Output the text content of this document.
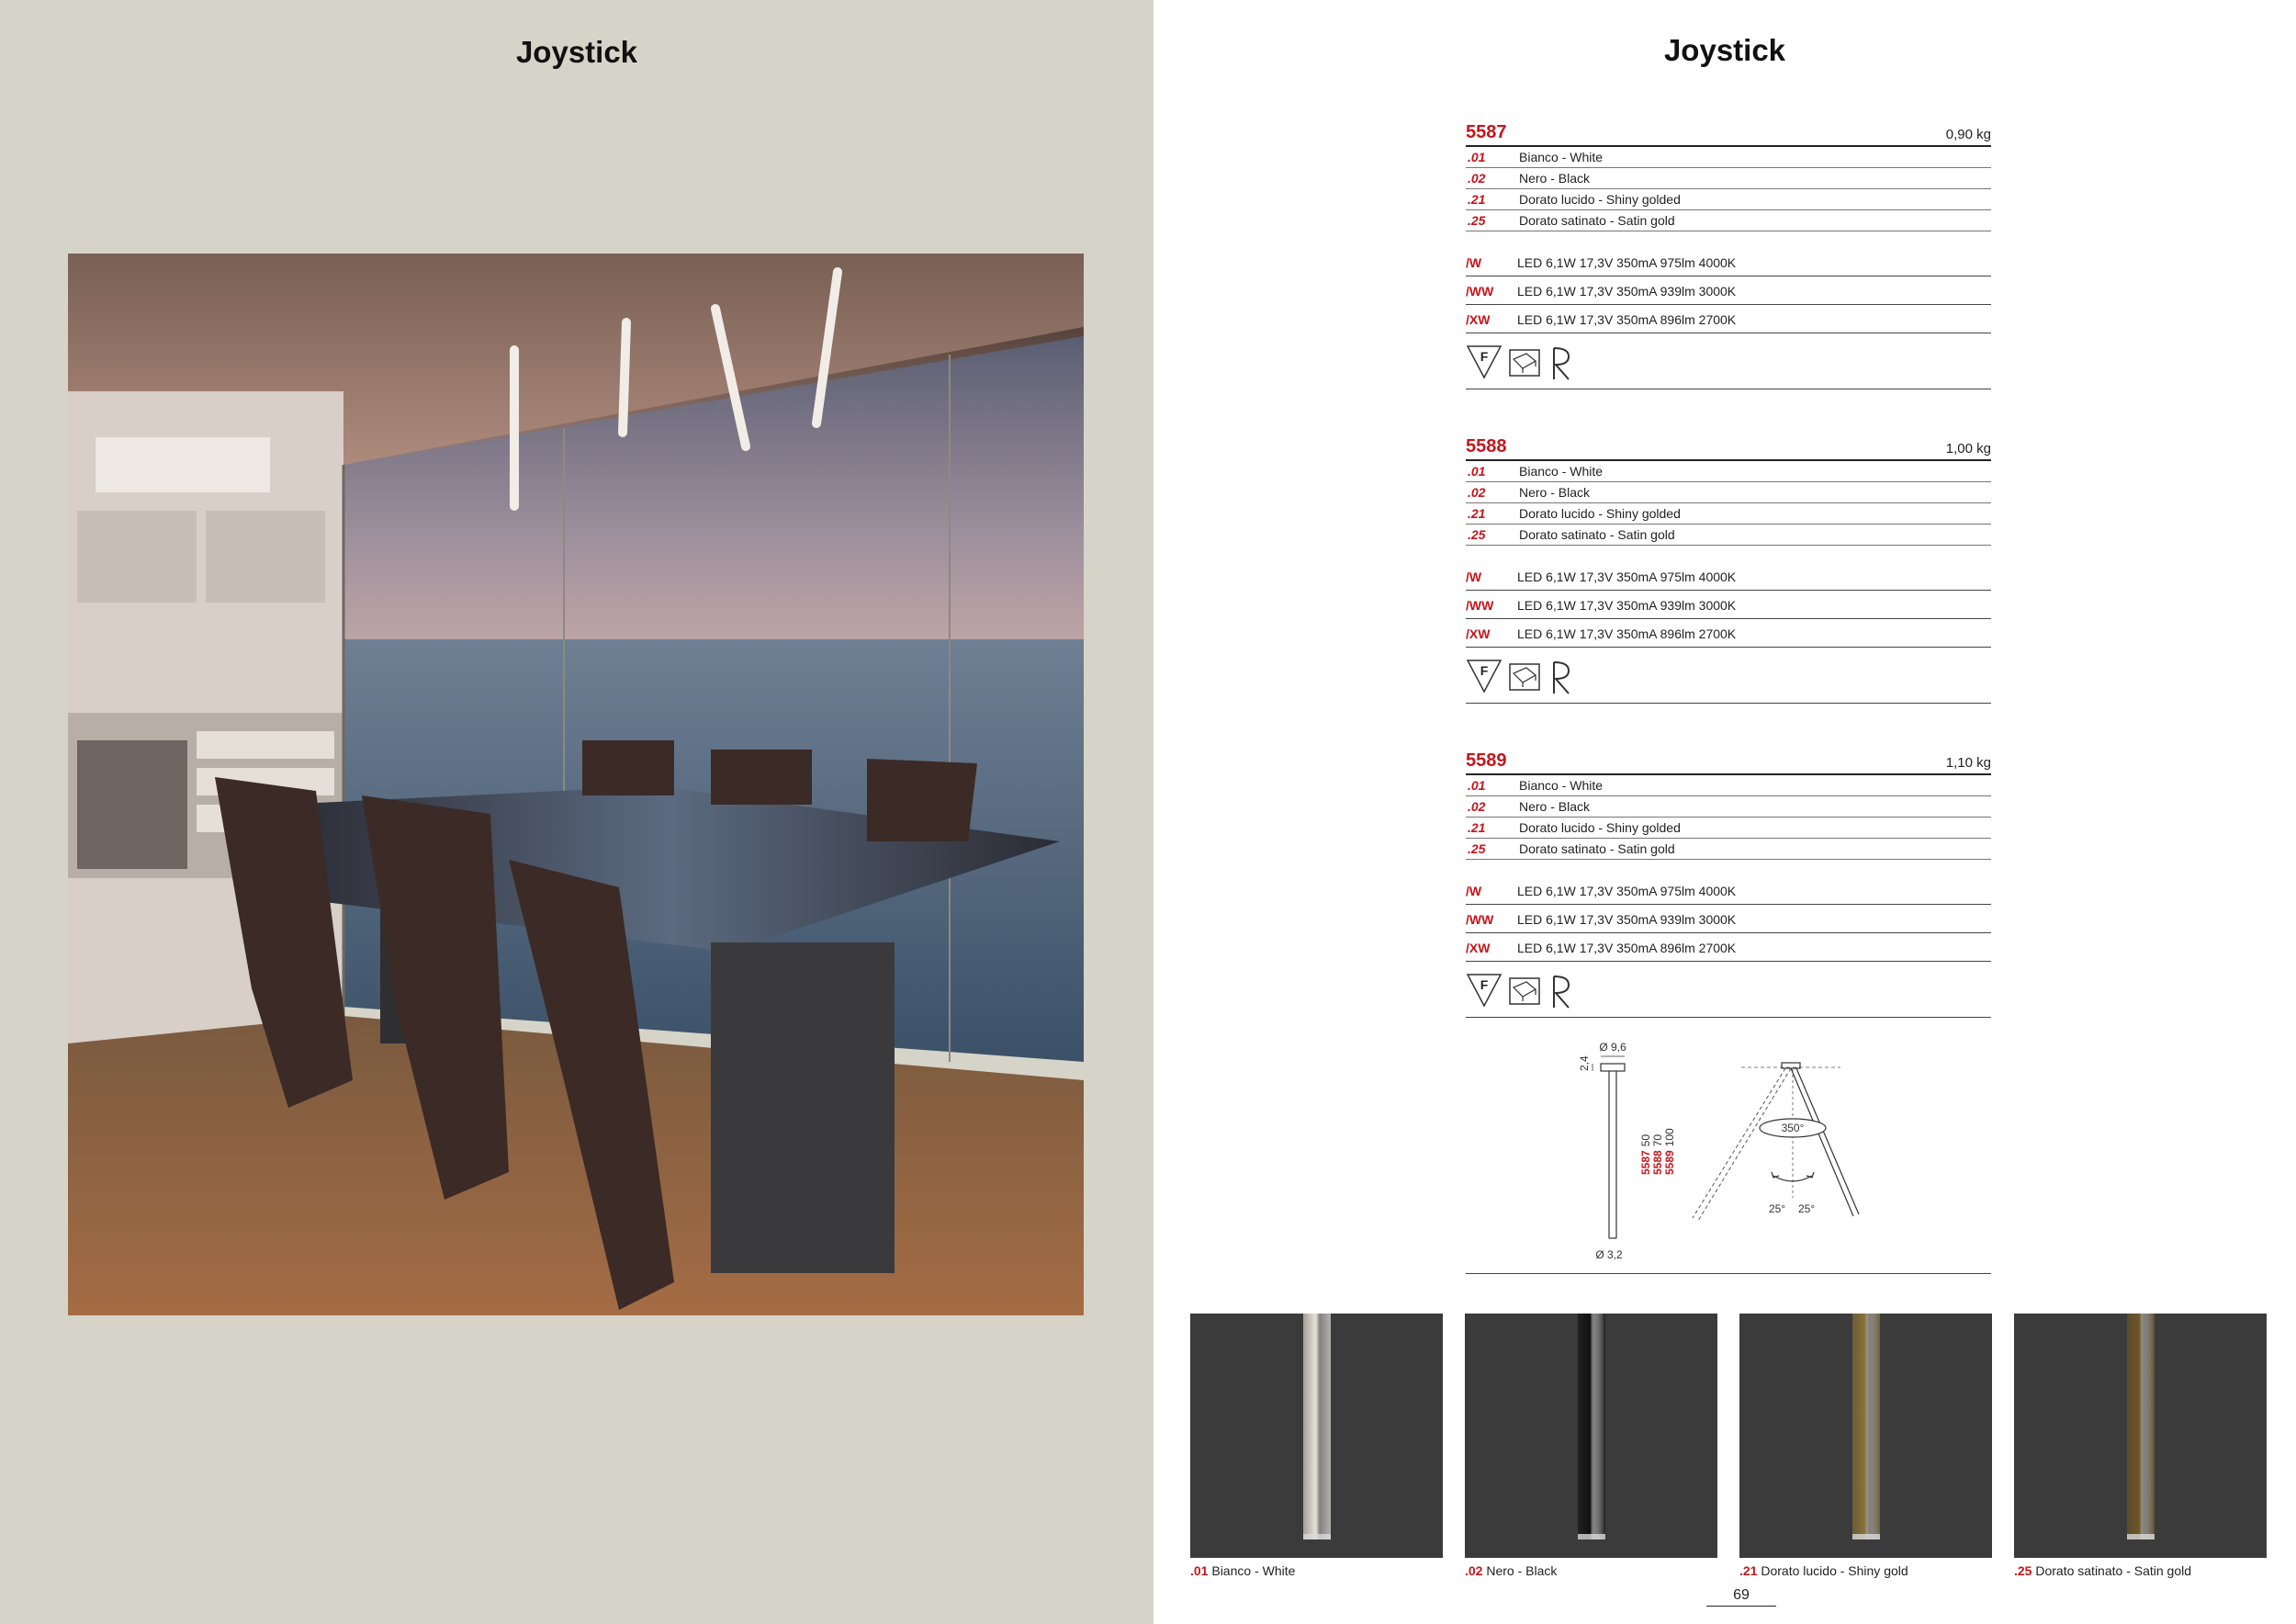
Joystick	Joystick
5587	0,90 kg
.01	Bianco - White
.02	Nero - Black
.21	Dorato lucido - Shiny golded
.25	Dorato satinato - Satin gold
/W	LED 6,1W 17,3V 350mA 975lm 4000K
/WW LED 6,1W 17,3V 350mA 939lm 3000K
/XW LED 6,1W 17,3V 350mA 896lm 2700K
F
5588	1,00 kg
.01	Bianco - White
.02	Nero - Black
.21	Dorato lucido - Shiny golded
.25	Dorato satinato - Satin gold
/W	LED 6,1W 17,3V 350mA 975lm 4000K
/WW LED 6,1W 17,3V 350mA 939lm 3000K
/XW LED 6,1W 17,3V 350mA 896lm 2700K
F
5589	1,10 kg
.01	Bianco - White
.02	Nero - Black
.21	Dorato lucido - Shiny golded
.25	Dorato satinato - Satin gold
/W	LED 6,1W 17,3V 350mA 975lm 4000K
/WW LED 6,1W 17,3V 350mA 939lm 3000K
/XW LED 6,1W 17,3V 350mA 896lm 2700K
F
Ø 9,6
2,4
Ø 3,2
558750
558870
5589100
350°
25° 25°
.01 Bianco - White	.02 Nero - Black	.21 Dorato lucido - Shiny gold	.25 Dorato satinato - Satin gold
69
